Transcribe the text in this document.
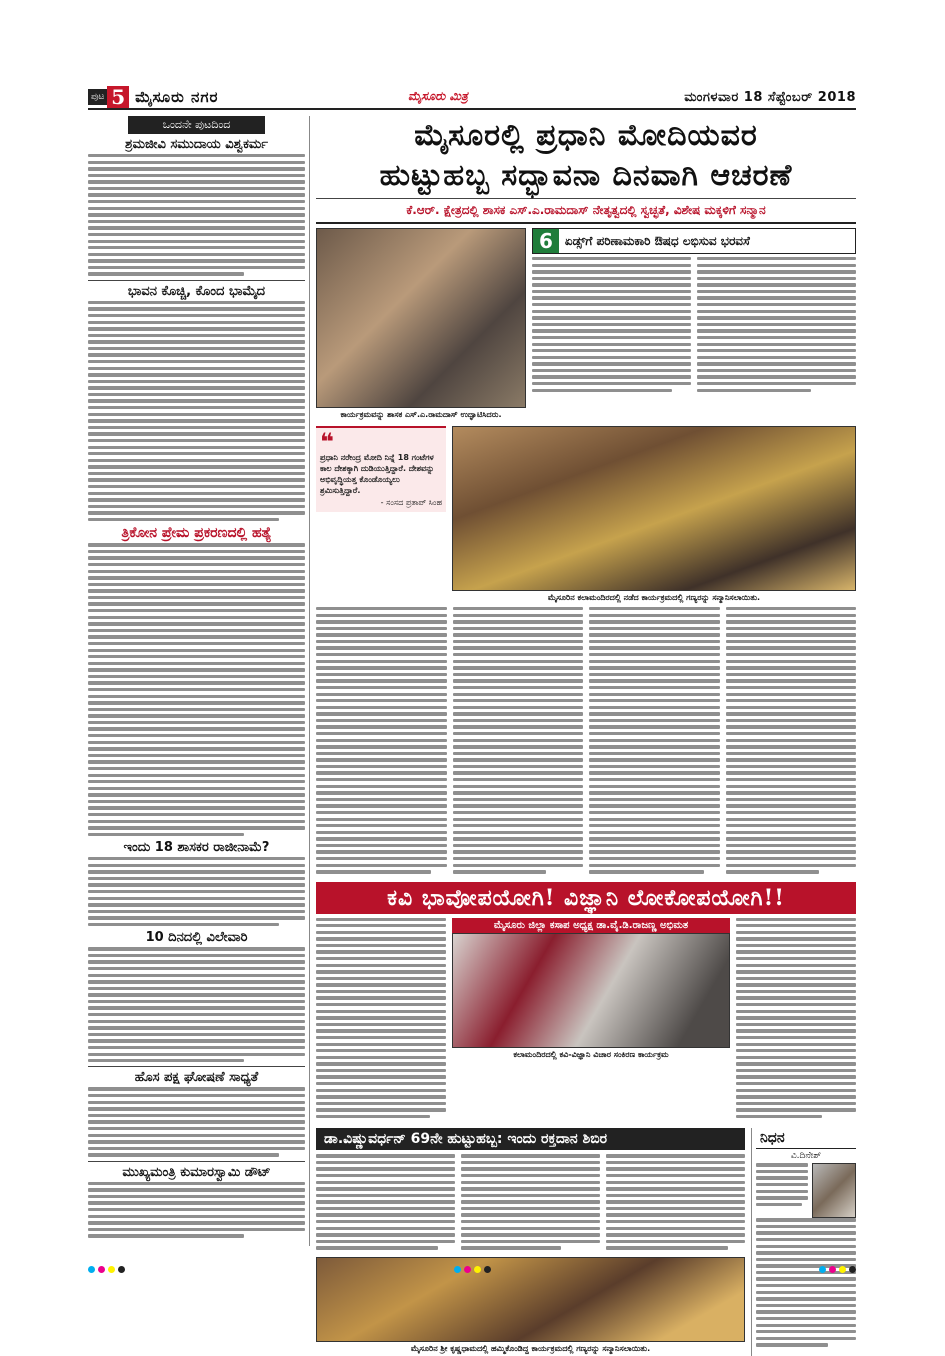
ಪುಟ 5 ಮೈಸೂರು ನಗರ	ಮೈಸೂರು ಮಿತ್ರ	ಮಂಗಳವಾರ 18 ಸೆಪ್ಟೆಂಬರ್ 2018
ಒಂದನೇ ಪುಟದಿಂದ
ಶ್ರಮಜೀವಿ ಸಮುದಾಯ ವಿಶ್ವಕರ್ಮ
ಭಾವನ ಕೊಚ್ಚಿ, ಕೊಂದ ಭಾಮೈದ
ತ್ರಿಕೋನ ಪ್ರೇಮ ಪ್ರಕರಣದಲ್ಲಿ ಹತ್ಯೆ
ಇಂದು 18 ಶಾಸಕರ ರಾಜೀನಾಮೆ?
10 ದಿನದಲ್ಲಿ ವಿಲೇವಾರಿ
ಹೊಸ ಪಕ್ಷ ಘೋಷಣೆ ಸಾಧ್ಯತೆ
ಮುಖ್ಯಮಂತ್ರಿ ಕುಮಾರಸ್ವಾಮಿ ಡೌಟ್
ಮೈಸೂರಲ್ಲಿ ಪ್ರಧಾನಿ ಮೋದಿಯವರ
ಹುಟ್ಟುಹಬ್ಬ ಸದ್ಭಾವನಾ ದಿನವಾಗಿ ಆಚರಣೆ
ಕೆ.ಆರ್. ಕ್ಷೇತ್ರದಲ್ಲಿ ಶಾಸಕ ಎಸ್.ಎ.ರಾಮದಾಸ್ ನೇತೃತ್ವದಲ್ಲಿ ಸ್ವಚ್ಛತೆ, ವಿಶೇಷ ಮಕ್ಕಳಿಗೆ ಸನ್ಮಾನ
ಕಾರ್ಯಕ್ರಮವನ್ನು ಶಾಸಕ ಎಸ್.ಎ.ರಾಮದಾಸ್ ಉದ್ಘಾಟಿಸಿದರು.
6	ಏಡ್ಸ್‌ಗೆ ಪರಿಣಾಮಕಾರಿ ಔಷಧ ಲಭಿಸುವ ಭರವಸೆ
❝
ಪ್ರಧಾನಿ ನರೇಂದ್ರ ಮೋದಿ ನಿನ್ನೆ 18 ಗಂಟೆಗಳ ಕಾಲ ದೇಶಕ್ಕಾಗಿ ದುಡಿಯುತ್ತಿದ್ದಾರೆ. ದೇಶವನ್ನು ಅಭಿವೃದ್ಧಿಯತ್ತ ಕೊಂಡೊಯ್ಯಲು ಶ್ರಮಿಸುತ್ತಿದ್ದಾರೆ.
- ಸಂಸದ ಪ್ರತಾಪ್ ಸಿಂಹ
ಮೈಸೂರಿನ ಕಲಾಮಂದಿರದಲ್ಲಿ ನಡೆದ ಕಾರ್ಯಕ್ರಮದಲ್ಲಿ ಗಣ್ಯರನ್ನು ಸನ್ಮಾನಿಸಲಾಯಿತು.
ಕವಿ ಭಾವೋಪಯೋಗಿ! ವಿಜ್ಞಾನಿ ಲೋಕೋಪಯೋಗಿ!!
ಮೈಸೂರು ಜಿಲ್ಲಾ ಕಸಾಪ ಅಧ್ಯಕ್ಷ ಡಾ.ವೈ.ಡಿ.ರಾಜಣ್ಣ ಅಭಿಮತ
ಕಲಾಮಂದಿರದಲ್ಲಿ ಕವಿ-ವಿಜ್ಞಾನಿ ವಿಚಾರ ಸಂಕಿರಣ ಕಾರ್ಯಕ್ರಮ
ಡಾ.ವಿಷ್ಣುವರ್ಧನ್ 69ನೇ ಹುಟ್ಟುಹಬ್ಬ: ಇಂದು ರಕ್ತದಾನ ಶಿಬಿರ
ಮೈಸೂರಿನ ಶ್ರೀ ಕೃಷ್ಣಧಾಮದಲ್ಲಿ ಹಮ್ಮಿಕೊಂಡಿದ್ದ ಕಾರ್ಯಕ್ರಮದಲ್ಲಿ ಗಣ್ಯರನ್ನು ಸನ್ಮಾನಿಸಲಾಯಿತು.
ನಿಧನ
ವಿ.ದಿನೇಶ್
